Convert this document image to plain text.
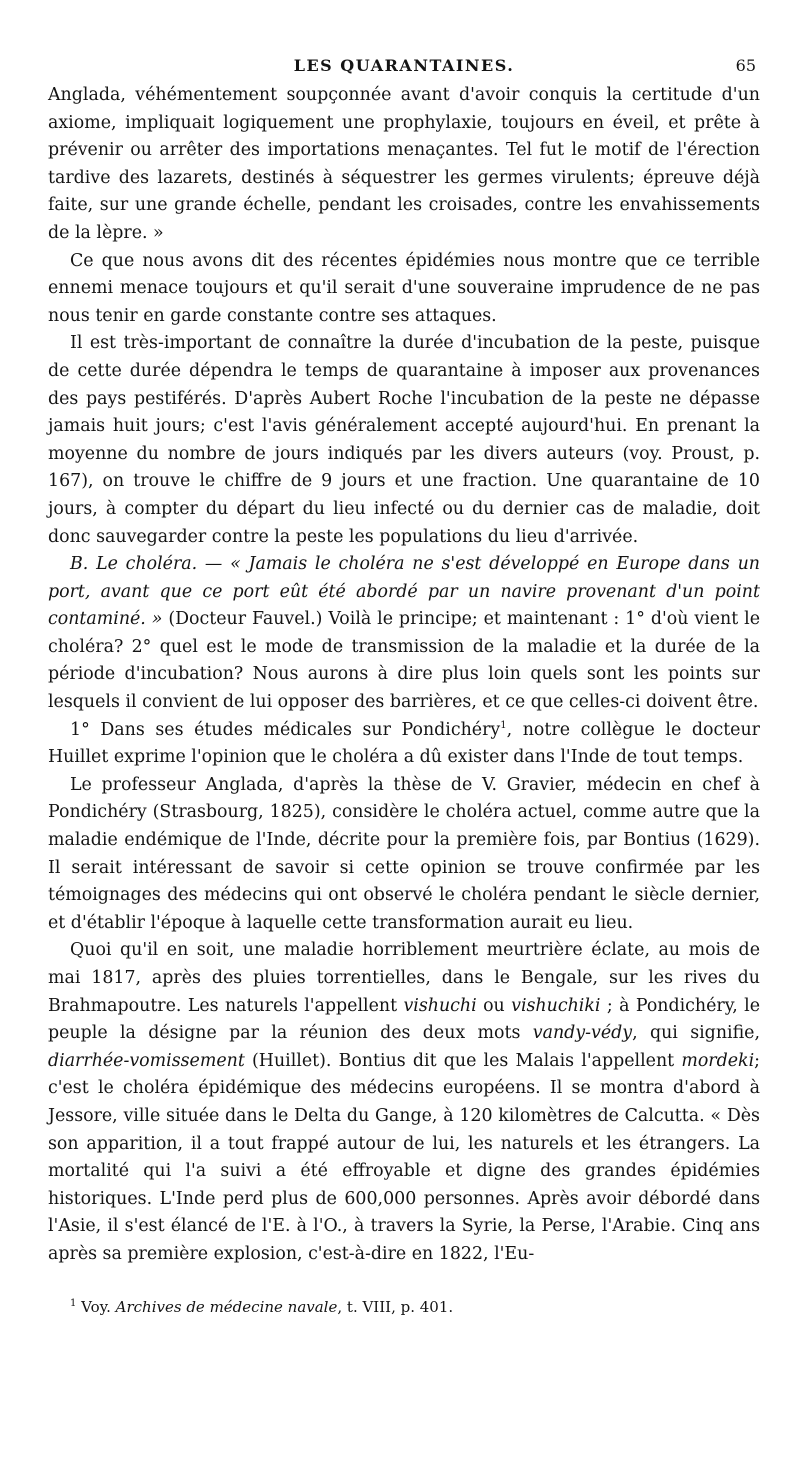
LES QUARANTAINES.	65

Anglada, véhémentement soupçonnée avant d'avoir conquis la certitude d'un axiome, impliquait logiquement une prophylaxie, toujours en éveil, et prête à prévenir ou arrêter des importations menaçantes. Tel fut le motif de l'érection tardive des lazarets, destinés à séquestrer les germes virulents; épreuve déjà faite, sur une grande échelle, pendant les croisades, contre les envahissements de la lèpre. »

Ce que nous avons dit des récentes épidémies nous montre que ce terrible ennemi menace toujours et qu'il serait d'une souveraine imprudence de ne pas nous tenir en garde constante contre ses attaques.

Il est très-important de connaître la durée d'incubation de la peste, puisque de cette durée dépendra le temps de quarantaine à imposer aux provenances des pays pestiférés. D'après Aubert Roche l'incubation de la peste ne dépasse jamais huit jours; c'est l'avis généralement accepté aujourd'hui. En prenant la moyenne du nombre de jours indiqués par les divers auteurs (voy. Proust, p. 167), on trouve le chiffre de 9 jours et une fraction. Une quarantaine de 10 jours, à compter du départ du lieu infecté ou du dernier cas de maladie, doit donc sauvegarder contre la peste les populations du lieu d'arrivée.

B. Le choléra. — « Jamais le choléra ne s'est développé en Europe dans un port, avant que ce port eût été abordé par un navire provenant d'un point contaminé. » (Docteur Fauvel.) Voilà le principe; et maintenant : 1° d'où vient le choléra? 2° quel est le mode de transmission de la maladie et la durée de la période d'incubation? Nous aurons à dire plus loin quels sont les points sur lesquels il convient de lui opposer des barrières, et ce que celles-ci doivent être.

1° Dans ses études médicales sur Pondichéry$^1$, notre collègue le docteur Huillet exprime l'opinion que le choléra a dû exister dans l'Inde de tout temps.

Le professeur Anglada, d'après la thèse de V. Gravier, médecin en chef à Pondichéry (Strasbourg, 1825), considère le choléra actuel, comme autre que la maladie endémique de l'Inde, décrite pour la première fois, par Bontius (1629). Il serait intéressant de savoir si cette opinion se trouve confirmée par les témoignages des médecins qui ont observé le choléra pendant le siècle dernier, et d'établir l'époque à laquelle cette transformation aurait eu lieu.

Quoi qu'il en soit, une maladie horriblement meurtrière éclate, au mois de mai 1817, après des pluies torrentielles, dans le Bengale, sur les rives du Brahmapoutre. Les naturels l'appellent vishuchi ou vishuchiki ; à Pondichéry, le peuple la désigne par la réunion des deux mots vandy-védy, qui signifie, diarrhée-vomissement (Huillet). Bontius dit que les Malais l'appellent mordeki; c'est le choléra épidémique des médecins européens. Il se montra d'abord à Jessore, ville située dans le Delta du Gange, à 120 kilomètres de Calcutta. « Dès son apparition, il a tout frappé autour de lui, les naturels et les étrangers. La mortalité qui l'a suivi a été effroyable et digne des grandes épidémies historiques. L'Inde perd plus de 600,000 personnes. Après avoir débordé dans l'Asie, il s'est élancé de l'E. à l'O., à travers la Syrie, la Perse, l'Arabie. Cinq ans après sa première explosion, c'est-à-dire en 1822, l'Eu-

$^1$ Voy. Archives de médecine navale, t. VIII, p. 401.
